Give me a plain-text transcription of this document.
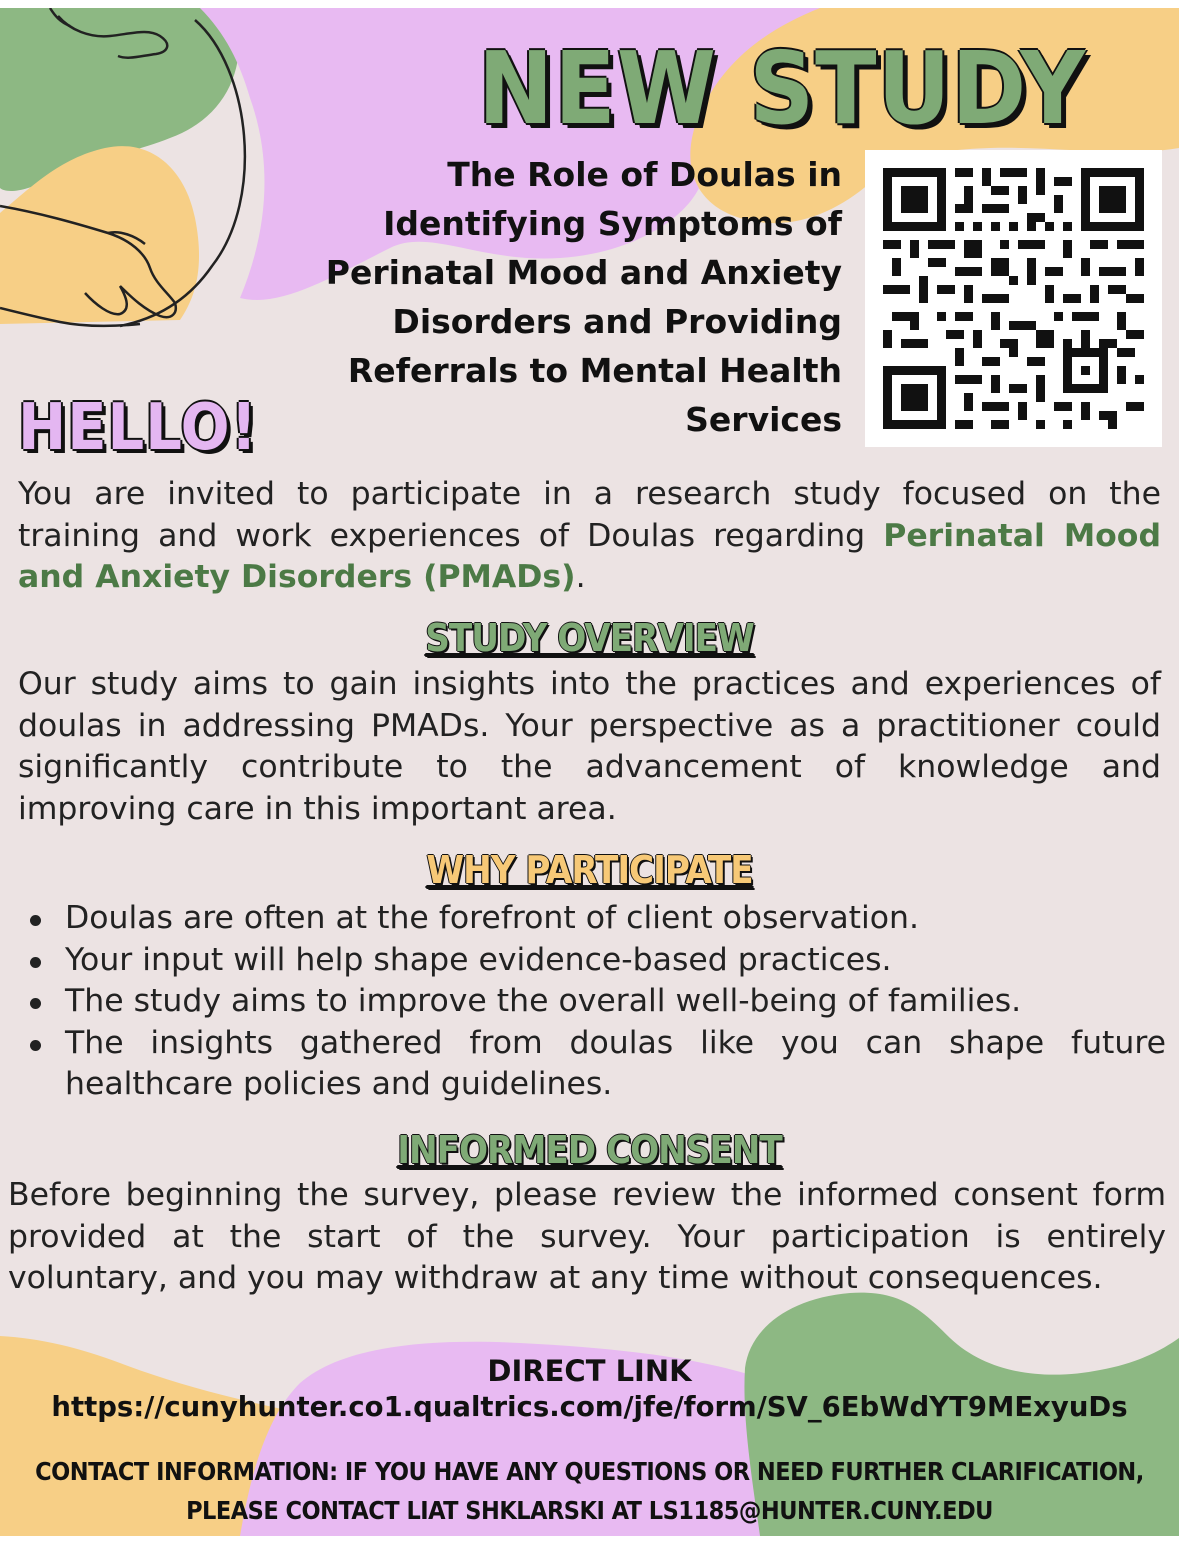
NEW STUDY
The Role of Doulas in Identifying Symptoms of Perinatal Mood and Anxiety Disorders and Providing Referrals to Mental Health Services
HELLO!
You are invited to participate in a research study focused on the training and work experiences of Doulas regarding Perinatal Mood and Anxiety Disorders (PMADs).
STUDY OVERVIEW
Our study aims to gain insights into the practices and experiences of doulas in addressing PMADs. Your perspective as a practitioner could significantly contribute to the advancement of knowledge and improving care in this important area.
WHY PARTICIPATE
Doulas are often at the forefront of client observation.
Your input will help shape evidence-based practices.
The study aims to improve the overall well-being of families.
The insights gathered from doulas like you can shape future healthcare policies and guidelines.
INFORMED CONSENT
Before beginning the survey, please review the informed consent form provided at the start of the survey. Your participation is entirely voluntary, and you may withdraw at any time without consequences.
DIRECT LINK
https://cunyhunter.co1.qualtrics.com/jfe/form/SV_6EbWdYT9MExyuDs
CONTACT INFORMATION: IF YOU HAVE ANY QUESTIONS OR NEED FURTHER CLARIFICATION, PLEASE CONTACT LIAT SHKLARSKI AT LS1185@HUNTER.CUNY.EDU
